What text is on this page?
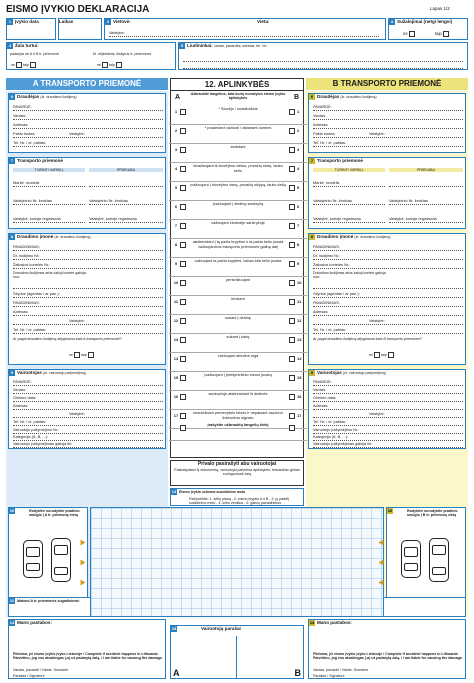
EISMO ĮVYKIO DEKLARACIJA	Lapas 1/2
1 Įvykio data	Laikas	2 Vietovė:	Vieta:
Valstybė:
3 Sužalojimai (netgi lengvi)
ne	taip
4 Žala turtui:
padaryta ne A ir B tr. priemonei	M. objektams, išskyrus tr. priemones
ne taip	ne taip
5 Liudininkai: vardai, pavardės, adresai, tel. Nr.:
A TRANSPORTO PRIEMONĖ	B TRANSPORTO PRIEMONĖ
6 Draudėjas (žr. draudimo liudijimą)
PAVARDĖ:
Vardas:
Adresas:
Pašto kodas:	Valstybė:
Tel. Nr. / el. paštas:
7 Transporto priemonė
TURINTI VARIKLĮ	PRIEKABA
Markė, modelis
Valstybinio Nr. ženklas	Valstybinio Nr. ženklas
Valstybė, kurioje registruota	Valstybė, kurioje registruota
8 Draudimo įmonė (žr. draudimo liudijimą)
PAVADINIMAS:
Dr. liudijimo Nr.:
Žaliosios kortelės Nr.:
Draudimo liudijimas arba žalioji kortelė galioja nuo:
Skyrius (agentas / ar pan.):
PAVADINIMAS:
Adresas:
Valstybė:
Tel. Nr. / el. paštas:
Ar pagal draudimo liudijimą atlyginama žala A transporto priemonei?
ne taip
9 Vairuotojas (žr. vairuotojo pažymėjimą)
PAVARDĖ:
Vardas:
Gimimo data:
Adresas:
Valstybė:
Tel. Nr. / el. paštas:
Vairuotojo pažymėjimo Nr.:
Kategorija (A, B, ...):
Vairuotojo pažymėjimas galioja iki:
10	Rodyklėe nurodykite pradinio smūgio į A tr. priemonę vietą
11 Matomi A tr. priemonės sugadinimai:
6 Draudėjas (žr. draudimo liudijimą)
PAVARDĖ:
Vardas:
Adresas:
Pašto kodas:	Valstybė:
Tel. Nr. / el. paštas:
7 Transporto priemonė
TURINTI VARIKLĮ	PRIEKABA
Markė, modelis
Valstybinio Nr. ženklas	Valstybinio Nr. ženklas
Valstybė, kurioje registruota	Valstybė, kurioje registruota
8 Draudimo įmonė (žr. draudimo liudijimą)
PAVADINIMAS:
Dr. liudijimo Nr.:
Žaliosios kortelės Nr.:
Draudimo liudijimas arba žalioji kortelė galioja nuo:
Skyrius (agentas / ar pan.):
PAVADINIMAS:
Adresas:
Valstybė:
Tel. Nr. / el. paštas:
Ar pagal draudimo liudijimą atlyginama žala B transporto priemonei?
ne taip
9 Vairuotojas (žr. vairuotojo pažymėjimą)
PAVARDĖ:
Vardas:
Gimimo data:
Adresas:
Valstybė:
Tel. Nr. / el. paštas:
Vairuotojo pažymėjimo Nr.:
Kategorija (A, B, ...):
Vairuotojo pažymėjimas galioja iki:
10	Rodyklėe nurodykite pradinio smūgio į B tr. priemonę vietą
12. APLINKYBĖS
A	B
Užbraukite langelius, žala kurių nurodytos eismo įvykio aplinkybės
1
* Stovėjo / sustabdžius
1
2
* pradedant važiuoti / atidarant dureles
2
3
stabdant
3
4
išvažiuojant iš stovėjimo vietos, privačių stotų, lauko kelio	4
5
įvažiuojant į stovėjimo vietą, privačių sklypą, lauko kelią
5
6
įvažiuojant į žiedinę sankryžą
6
7
važiuojant žiedinėje sankryžoje
7
8
atsitrenkiant į tą pačia kryptimi ir ta pačia kelio juosta važiuojančios transporto priemonės galinę dalį	8
9
važiuojant ta pačia kryptimi, tačiau kita kelio juosta
9
10
persirikiuojant
10
11
lenkiant
11
12
sukant į dešinę
12
13
sukant į kairę
13
14
važiuojant atbuline eiga
14
15
įvažiuojant į priešpriešinio eismo juostą
15
16
sankryžoje atsitrenkiant iš dešinės
16
17
nesuteikiant pirmenybės teisės ir nepaisant raudono šviesoforo signalo	17
įrašykite užbrauktų langelių kiekį
Privalo pasirašyti abu vairuotojai
Pasirašydami šį dokumentą, vairuotojai patvirtina aplinkybes, teisiančias geriau suringuotuoti žalą
13 Eismo įvykio schema susidūrimo metu
Pažymėkite: 1. kelių planą - 2. eismo kryptis A ir B - 3. jų padėtį susidūrimo metu - 4. kelio ženklus - 5. gatvių pavadinimus
14 Mano pastabos:
Pildoma, jei eismo įvykis įvyko Lietuvoje / Complete if accident happens in Lithuania: Patvirtinu, jog esu atsakingas (-a) už padarytą žalą, / I am liable for causing the damage.
Vardas, pavardė / Name, Surname
Parašas / Signature
15	Vairuotojų parašai
A	B
14 Mano pastabos:
Pildoma, jei eismo įvykis įvyko Lietuvoje / Complete if accident happens in Lithuania: Patvirtinu, jog esu atsakingas (-a) už padarytą žalą, / I am liable for causing the damage.
Vardas, pavardė / Name, Surname
Parašas / Signature
